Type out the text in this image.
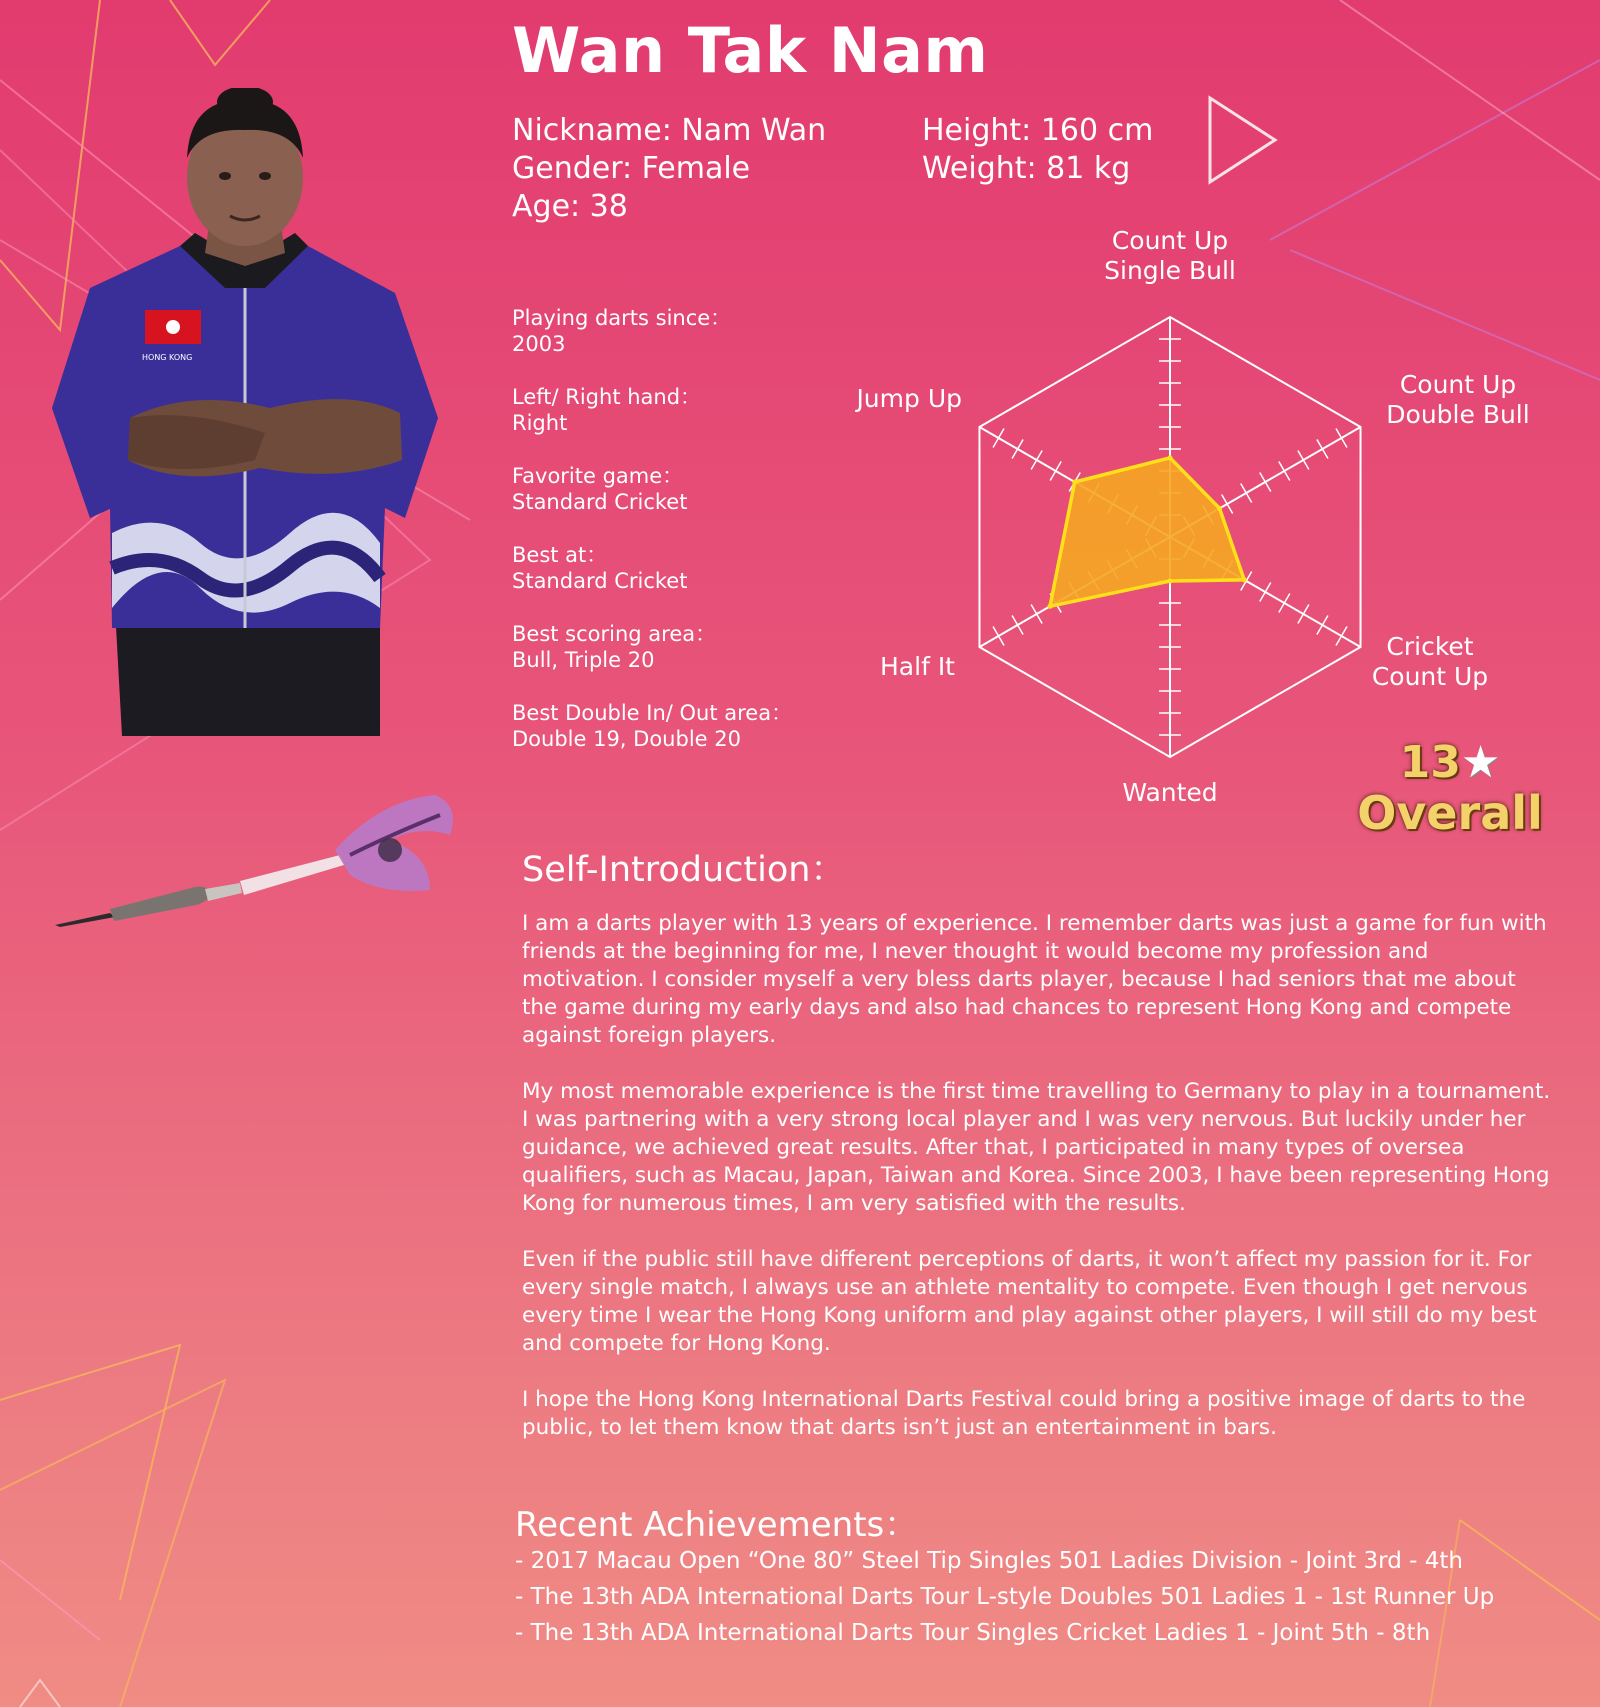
HONG KONG
Wan Tak Nam
Nickname: Nam Wan
Gender: Female
Age: 38
Height: 160 cm
Weight: 81 kg
Playing darts since：
2003
Left/ Right hand：
Right
Favorite game：
Standard Cricket
Best at：
Standard Cricket
Best scoring area：
Bull, Triple 20
Best Double In/ Out area：
Double 19, Double 20
Count Up Single Bull
Count Up Double Bull
Cricket Count Up
Wanted
Half It
Jump Up
13★
Overall
Self-Introduction：

I am a darts player with 13 years of experience. I remember darts was just a game for fun with friends at the beginning for me, I never thought it would become my profession and motivation. I consider myself a very bless darts player, because I had seniors that me about the game during my early days and also had chances to represent Hong Kong and compete against foreign players.

My most memorable experience is the first time travelling to Germany to play in a tournament. I was partnering with a very strong local player and I was very nervous. But luckily under her guidance, we achieved great results. After that, I participated in many types of oversea qualifiers, such as Macau, Japan, Taiwan and Korea. Since 2003, I have been representing Hong Kong for numerous times, I am very satisfied with the results.

Even if the public still have different perceptions of darts, it won’t affect my passion for it. For every single match, I always use an athlete mentality to compete. Even though I get nervous every time I wear the Hong Kong uniform and play against other players, I will still do my best and compete for Hong Kong.

I hope the Hong Kong International Darts Festival could bring a positive image of darts to the public, to let them know that darts isn’t just an entertainment in bars.

Recent Achievements：
- 2017 Macau Open “One 80” Steel Tip Singles 501 Ladies Division - Joint 3rd - 4th
- The 13th ADA International Darts Tour L-style Doubles 501 Ladies 1 - 1st Runner Up
- The 13th ADA International Darts Tour Singles Cricket Ladies 1 - Joint 5th - 8th
